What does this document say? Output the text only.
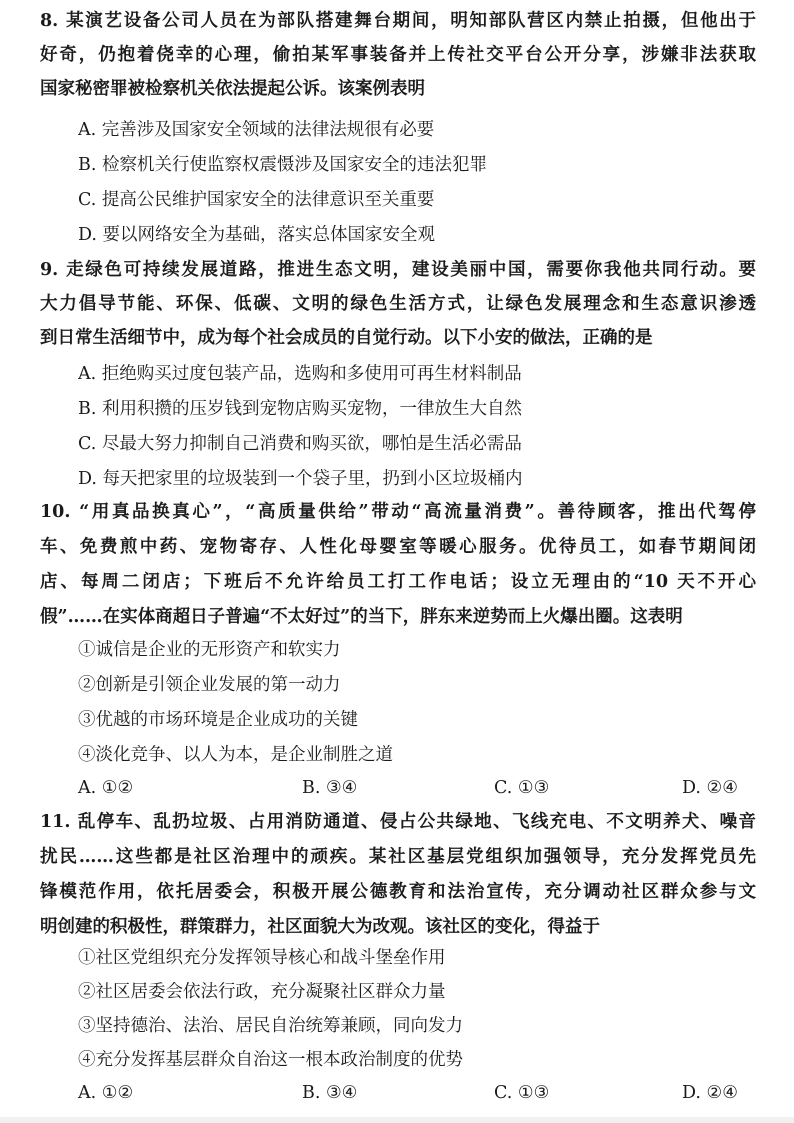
8. 某演艺设备公司人员在为部队搭建舞台期间，明知部队营区内禁止拍摄，但他出于
好奇，仍抱着侥幸的心理，偷拍某军事装备并上传社交平台公开分享，涉嫌非法获取
国家秘密罪被检察机关依法提起公诉。该案例表明
A. 完善涉及国家安全领域的法律法规很有必要
B. 检察机关行使监察权震慑涉及国家安全的违法犯罪
C. 提高公民维护国家安全的法律意识至关重要
D. 要以网络安全为基础，落实总体国家安全观
9. 走绿色可持续发展道路，推进生态文明，建设美丽中国，需要你我他共同行动。要
大力倡导节能、环保、低碳、文明的绿色生活方式，让绿色发展理念和生态意识渗透
到日常生活细节中，成为每个社会成员的自觉行动。以下小安的做法，正确的是
A. 拒绝购买过度包装产品，选购和多使用可再生材料制品
B. 利用积攒的压岁钱到宠物店购买宠物，一律放生大自然
C. 尽最大努力抑制自己消费和购买欲，哪怕是生活必需品
D. 每天把家里的垃圾装到一个袋子里，扔到小区垃圾桶内
10. “用真品换真心”，“高质量供给”带动“高流量消费”。善待顾客，推出代驾停
车、免费煎中药、宠物寄存、人性化母婴室等暖心服务。优待员工，如春节期间闭
店、每周二闭店；下班后不允许给员工打工作电话；设立无理由的“10 天不开心
假”……在实体商超日子普遍“不太好过”的当下，胖东来逆势而上火爆出圈。这表明
①诚信是企业的无形资产和软实力
②创新是引领企业发展的第一动力
③优越的市场环境是企业成功的关键
④淡化竞争、以人为本，是企业制胜之道
A. ①②	B. ③④	C. ①③	D. ②④
11. 乱停车、乱扔垃圾、占用消防通道、侵占公共绿地、飞线充电、不文明养犬、噪音
扰民……这些都是社区治理中的顽疾。某社区基层党组织加强领导，充分发挥党员先
锋模范作用，依托居委会，积极开展公德教育和法治宣传，充分调动社区群众参与文
明创建的积极性，群策群力，社区面貌大为改观。该社区的变化，得益于
①社区党组织充分发挥领导核心和战斗堡垒作用
②社区居委会依法行政，充分凝聚社区群众力量
③坚持德治、法治、居民自治统筹兼顾，同向发力
④充分发挥基层群众自治这一根本政治制度的优势
A. ①②	B. ③④	C. ①③	D. ②④
